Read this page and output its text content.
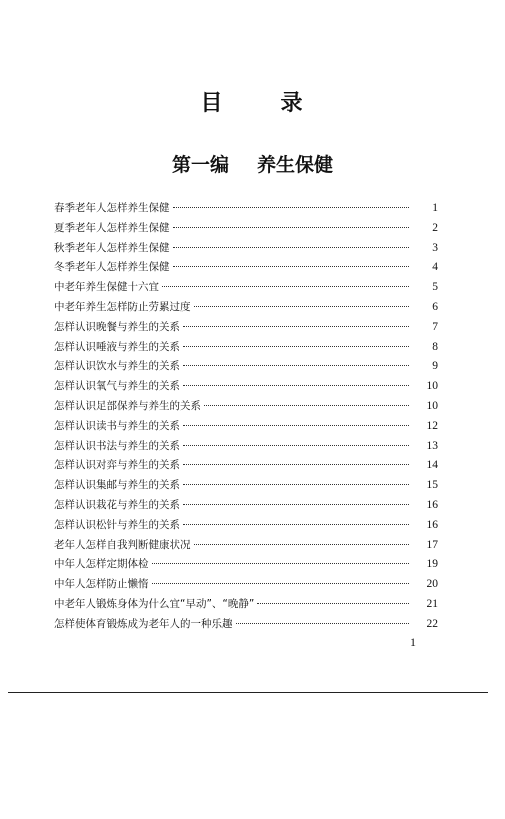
目	录
第一编 养生保健
春季老年人怎样养生保健	1
夏季老年人怎样养生保健	2
秋季老年人怎样养生保健	3
冬季老年人怎样养生保健	4
中老年养生保健十六宜	5
中老年养生怎样防止劳累过度	6
怎样认识晚餐与养生的关系	7
怎样认识唾液与养生的关系	8
怎样认识饮水与养生的关系	9
怎样认识氧气与养生的关系	10
怎样认识足部保养与养生的关系	10
怎样认识读书与养生的关系	12
怎样认识书法与养生的关系	13
怎样认识对弈与养生的关系	14
怎样认识集邮与养生的关系	15
怎样认识栽花与养生的关系	16
怎样认识松针与养生的关系	16
老年人怎样自我判断健康状况	17
中年人怎样定期体检	19
中年人怎样防止懒惰	20
中老年人锻炼身体为什么宜“早动”、“晚静”	21
怎样使体育锻炼成为老年人的一种乐趣	22
1
